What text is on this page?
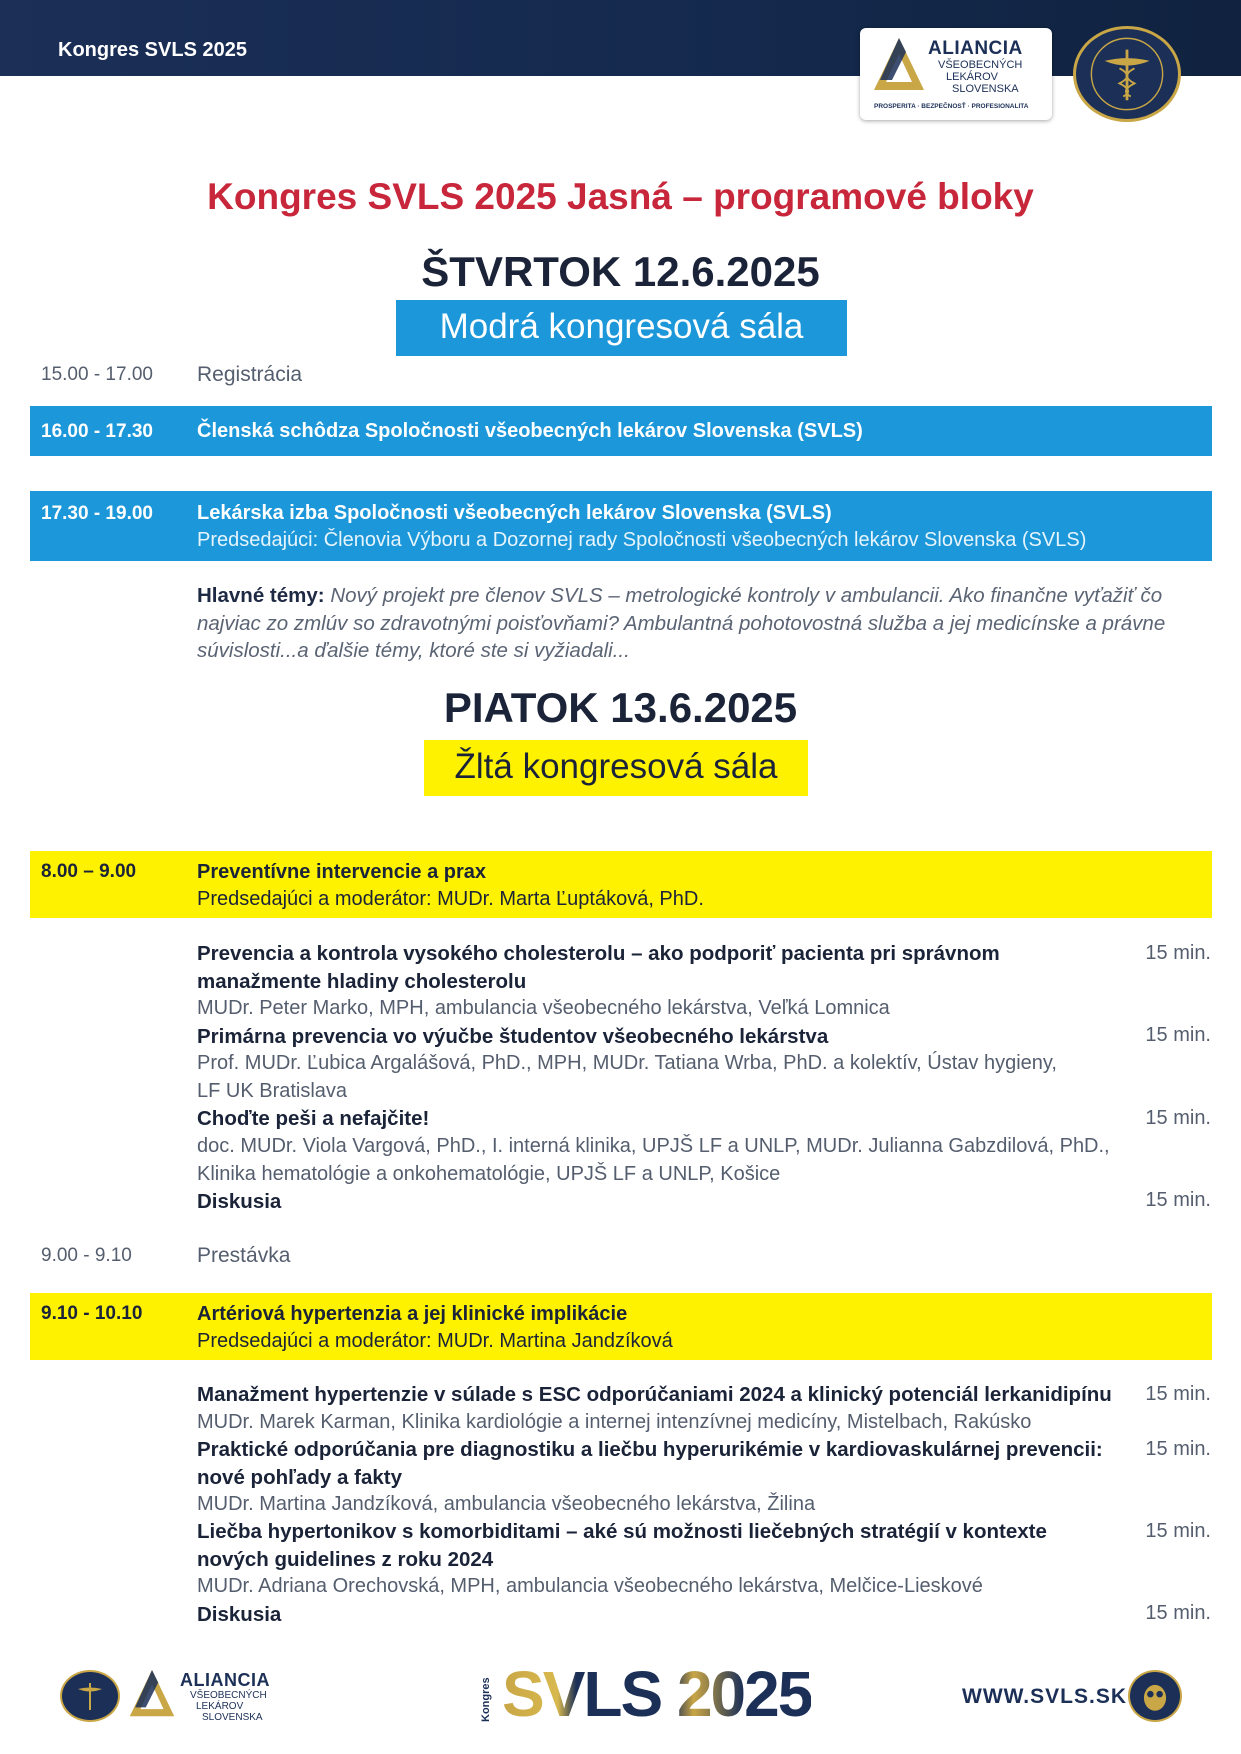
Kongres SVLS 2025	ALIANCIA
VŠEOBECNÝCH
LEKÁROV
SLOVENSKA
PROSPERITA · BEZPEČNOSŤ · PROFESIONALITA
Kongres SVLS 2025 Jasná – programové bloky
ŠTVRTOK 12.6.2025
Modrá kongresová sála
15.00 - 17.00 Registrácia
16.00 - 17.30 Členská schôdza Spoločnosti všeobecných lekárov Slovenska (SVLS)
17.30 - 19.00 Lekárska izba Spoločnosti všeobecných lekárov Slovenska (SVLS)
Predsedajúci: Členovia Výboru a Dozornej rady Spoločnosti všeobecných lekárov Slovenska (SVLS)
Hlavné témy: Nový projekt pre členov SVLS – metrologické kontroly v ambulancii. Ako finančne vyťažiť čo najviac zo zmlúv so zdravotnými poisťovňami? Ambulantná pohotovostná služba a jej medicínske a právne súvislosti...a ďalšie témy, ktoré ste si vyžiadali...
PIATOK 13.6.2025
Žltá kongresová sála
8.00 – 9.00	Preventívne intervencie a prax
Predsedajúci a moderátor: MUDr. Marta Ľuptáková, PhD.
Prevencia a kontrola vysokého cholesterolu – ako podporiť pacienta pri správnom manažmente hladiny cholesterolu
15 min.
MUDr. Peter Marko, MPH, ambulancia všeobecného lekárstva, Veľká Lomnica
Primárna prevencia vo výučbe študentov všeobecného lekárstva	15 min.
Prof. MUDr. Ľubica Argalášová, PhD., MPH, MUDr. Tatiana Wrba, PhD. a kolektív, Ústav hygieny, LF UK Bratislava
Choďte peši a nefajčite!	15 min.
doc. MUDr. Viola Vargová, PhD., I. interná klinika, UPJŠ LF a UNLP, MUDr. Julianna Gabzdilová, PhD., Klinika hematológie a onkohematológie, UPJŠ LF a UNLP, Košice
Diskusia	15 min.
9.00 - 9.10	Prestávka
9.10 - 10.10	Artériová hypertenzia a jej klinické implikácie
Predsedajúci a moderátor: MUDr. Martina Jandzíková
Manažment hypertenzie v súlade s ESC odporúčaniami 2024 a klinický potenciál lerkanidipínu	15 min.
MUDr. Marek Karman, Klinika kardiológie a internej intenzívnej medicíny, Mistelbach, Rakúsko
Praktické odporúčania pre diagnostiku a liečbu hyperurikémie v kardiovaskulárnej prevencii: nové pohľady a fakty
15 min.
MUDr. Martina Jandzíková, ambulancia všeobecného lekárstva, Žilina
Liečba hypertonikov s komorbiditami – aké sú možnosti liečebných stratégií v kontexte nových guidelines z roku 2024
15 min.
MUDr. Adriana Orechovská, MPH, ambulancia všeobecného lekárstva, Melčice-Lieskové
Diskusia	15 min.
ALIANCIA
VŠEOBECNÝCH
LEKÁROV
SLOVENSKA	Kongres SVLS 2025	WWW.SVLS.SK
